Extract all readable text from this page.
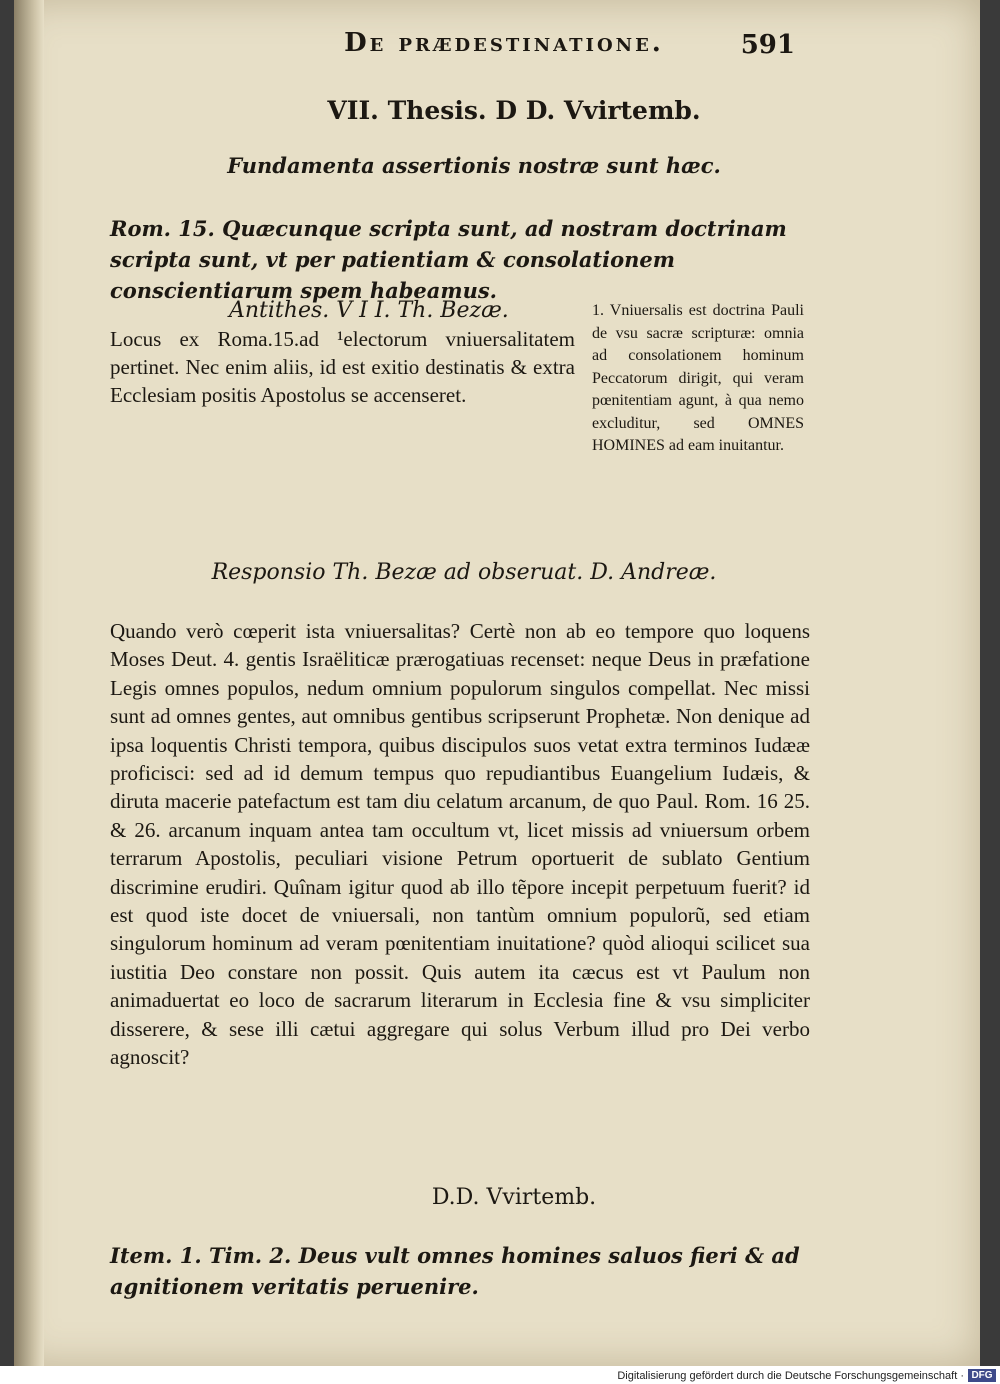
De prædestinatione.	591
VII. Thesis. D D. Vvirtemb.
Fundamenta assertionis nostræ sunt hæc.
Rom. 15. Quæcunque scripta sunt, ad nostram doctrinam scripta sunt, vt per patientiam & consolationem conscientiarum spem habeamus.
Antithes. V I I. Th. Bezæ.
Locus ex Roma.15.ad ¹electorum vniuersalitatem pertinet. Nec enim aliis, id est exitio destinatis & extra Ecclesiam positis Apostolus se accenseret.
1. Vniuersalis est doctrina Pauli de vsu sacræ scripturæ: omnia ad consolationem hominum Peccatorum dirigit, qui veram pœnitentiam agunt, à qua nemo excluditur, sed OMNES HOMINES ad eam inuitantur.
Responsio Th. Bezæ ad obseruat. D. Andreæ.
Quando verò cœperit ista vniuersalitas? Certè non ab eo tempore quo loquens Moses Deut. 4. gentis Israëliticæ prærogatiuas recenset: neque Deus in præfatione Legis omnes populos, nedum omnium populorum singulos compellat. Nec missi sunt ad omnes gentes, aut omnibus gentibus scripserunt Prophetæ. Non denique ad ipsa loquentis Christi tempora, quibus discipulos suos vetat extra terminos Iudææ proficisci: sed ad id demum tempus quo repudiantibus Euangelium Iudæis, & diruta macerie patefactum est tam diu celatum arcanum, de quo Paul. Rom. 16 25. & 26. arcanum inquam antea tam occultum vt, licet missis ad vniuersum orbem terrarum Apostolis, peculiari visione Petrum oportuerit de sublato Gentium discrimine erudiri. Quînam igitur quod ab illo tẽpore incepit perpetuum fuerit? id est quod iste docet de vniuersali, non tantùm omnium populorũ, sed etiam singulorum hominum ad veram pœnitentiam inuitatione? quòd alioqui scilicet sua iustitia Deo constare non possit. Quis autem ita cæcus est vt Paulum non animaduertat eo loco de sacrarum literarum in Ecclesia fine & vsu simpliciter disserere, & sese illi cætui aggregare qui solus Verbum illud pro Dei verbo agnoscit?
D.D. Vvirtemb.
Item. 1. Tim. 2. Deus vult omnes homines saluos fieri & ad agnitionem veritatis peruenire.
Digitalisierung gefördert durch die Deutsche Forschungsgemeinschaft · DFG
